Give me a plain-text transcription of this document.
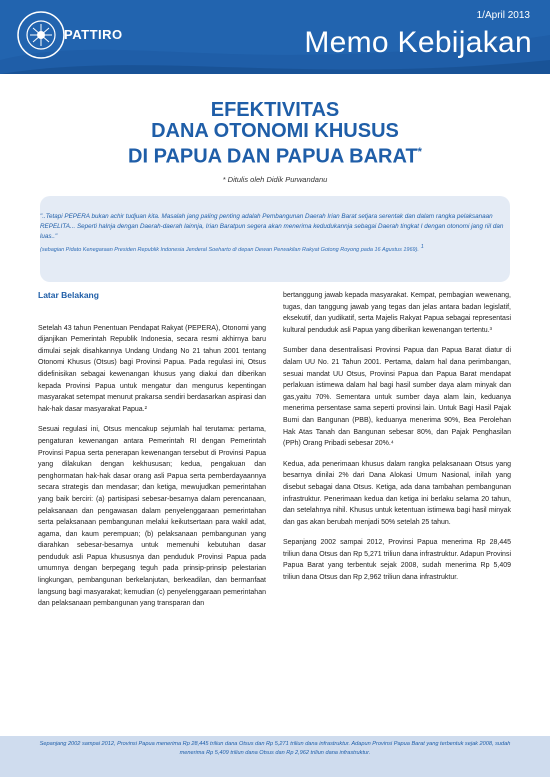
PATTIRO
1/April 2013
Memo Kebijakan
EFEKTIVITAS
DANA OTONOMI KHUSUS
DI PAPUA DAN PAPUA BARAT*
* Ditulis oleh Didik Purwandanu
"..Tetapi PEPERA bukan achir tudjuan kita. Masalah jang paling penting adalah Pembangunan Daerah Irian Barat setjara serentak dan dalam rangka pelaksanaan REPELITA... Seperti halnja dengan Daerah-daerah lainnja, Irian Baratpun segera akan menerima kedudukannja sebagai Daerah tingkat I dengan otonomi jang riil dan luas.."
(sebagian Pidato Kenegaraan Presiden Republik Indonesia Jenderal Soeharto di depan Dewan Perwakilan Rakyat Gotong Royong pada 16 Agustus 1969). $^1$
Latar Belakang

Setelah 43 tahun Penentuan Pendapat Rakyat (PEPERA), Otonomi yang dijanjikan Pemerintah Republik Indonesia, secara resmi akhirnya baru dimulai sejak disahkannya Undang Undang No 21 tahun 2001 tentang Otonomi Khusus (Otsus) bagi Provinsi Papua. Pada regulasi ini, Otsus didefinisikan sebagai kewenangan khusus yang diakui dan diberikan kepada Provinsi Papua untuk mengatur dan mengurus kepentingan masyarakat setempat menurut prakarsa sendiri berdasarkan aspirasi dan hak-hak dasar masyarakat Papua.²

Sesuai regulasi ini, Otsus mencakup sejumlah hal terutama: pertama, pengaturan kewenangan antara Pemerintah RI dengan Pemerintah Provinsi Papua serta penerapan kewenangan tersebut di Provinsi Papua yang dilakukan dengan kekhususan; kedua, pengakuan dan penghormatan hak-hak dasar orang asli Papua serta pemberdayaannya secara strategis dan mendasar; dan ketiga, mewujudkan pemerintahan yang baik berciri: (a) partisipasi sebesar-besarnya dalam perencanaan, pelaksanaan dan pengawasan dalam penyelenggaraan pemerintahan serta pelaksanaan pembangunan melalui keikutsertaan para wakil adat, agama, dan kaum perempuan; (b) pelaksanaan pembangunan yang diarahkan sebesar-besarnya untuk memenuhi kebutuhan dasar penduduk asli Papua khususnya dan penduduk Provinsi Papua pada umumnya dengan berpegang teguh pada prinsip-prinsip pelestarian lingkungan, pembangunan berkelanjutan, berkeadilan, dan bermanfaat langsung bagi masyarakat; kemudian (c) penyelenggaraan pemerintahan dan pelaksanaan pembangunan yang transparan dan

bertanggung jawab kepada masyarakat. Kempat, pembagian wewenang, tugas, dan tanggung jawab yang tegas dan jelas antara badan legislatif, eksekutif, dan yudikatif, serta Majelis Rakyat Papua sebagai representasi kultural penduduk asli Papua yang diberikan kewenangan tertentu.³

Sumber dana desentralisasi Provinsi Papua dan Papua Barat diatur di dalam UU No. 21 Tahun 2001. Pertama, dalam hal dana perimbangan, sesuai mandat UU Otsus, Provinsi Papua dan Papua Barat mendapat perlakuan istimewa dalam hal bagi hasil sumber daya alam minyak dan gas,yaitu 70%. Sementara untuk sumber daya alam lain, keduanya menerima persentase sama seperti provinsi lain. Untuk Bagi Hasil Pajak Bumi dan Bangunan (PBB), keduanya menerima 90%, Bea Perolehan Hak Atas Tanah dan Bangunan sebesar 80%, dan Pajak Penghasilan (PPh) Orang Pribadi sebesar 20%.⁴

Kedua, ada penerimaan khusus dalam rangka pelaksanaan Otsus yang besarnya dinilai 2% dari Dana Alokasi Umum Nasional, inilah yang disebut sebagai dana Otsus. Ketiga, ada dana tambahan pembangunan infrastruktur. Penerimaan kedua dan ketiga ini berlaku selama 20 tahun, dan setelahnya nihil. Khusus untuk ketentuan istimewa bagi hasil minyak dan gas akan berubah menjadi 50% setelah 25 tahun.

Sepanjang 2002 sampai 2012, Provinsi Papua menerima Rp 28,445 triliun dana Otsus dan Rp 5,271 triliun dana infrastruktur. Adapun Provinsi Papua Barat yang terbentuk sejak 2008, sudah menerima Rp 5,409 triliun dana Otsus dan Rp 2,962 triliun dana infrastruktur.

Sepanjang 2002 sampai 2012, Provinsi Papua menerima Rp 28,445 triliun dana Otsus dan Rp 5,271 triliun dana infrastruktur. Adapun Provinsi Papua Barat yang terbentuk sejak 2008, sudah menerima Rp 5,409 triliun dana Otsus dan Rp 2,962 triliun dana infrastruktur.
